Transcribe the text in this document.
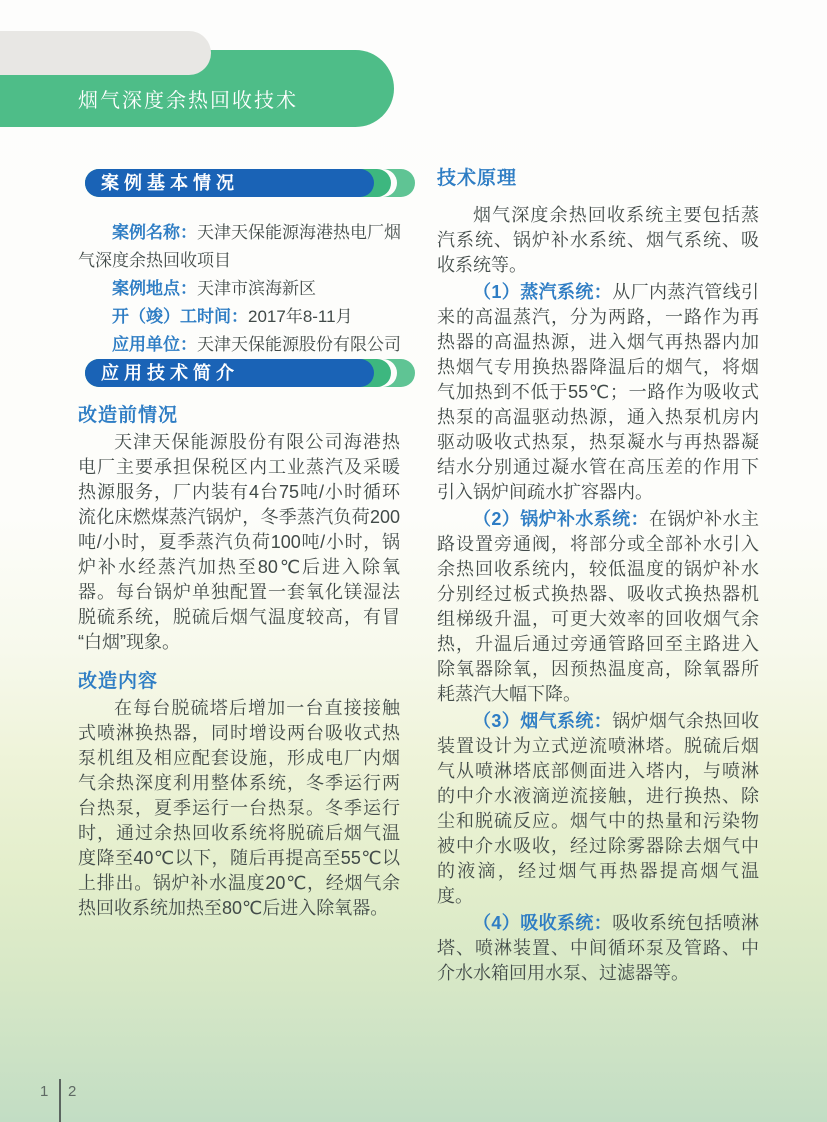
烟气深度余热回收技术
案例基本情况

案例名称：天津天保能源海港热电厂烟气深度余热回收项目

案例地点：天津市滨海新区

开（竣）工时间：2017年8-11月

应用单位：天津天保能源股份有限公司

应用技术简介
改造前情况

天津天保能源股份有限公司海港热电厂主要承担保税区内工业蒸汽及采暖热源服务，厂内装有4台75吨/小时循环流化床燃煤蒸汽锅炉，冬季蒸汽负荷200吨/小时，夏季蒸汽负荷100吨/小时，锅炉补水经蒸汽加热至80℃后进入除氧器。每台锅炉单独配置一套氧化镁湿法脱硫系统，脱硫后烟气温度较高，有冒“白烟”现象。

改造内容

在每台脱硫塔后增加一台直接接触式喷淋换热器，同时增设两台吸收式热泵机组及相应配套设施，形成电厂内烟气余热深度利用整体系统，冬季运行两台热泵，夏季运行一台热泵。冬季运行时，通过余热回收系统将脱硫后烟气温度降至40℃以下，随后再提高至55℃以上排出。锅炉补水温度20℃，经烟气余热回收系统加热至80℃后进入除氧器。

技术原理

烟气深度余热回收系统主要包括蒸汽系统、锅炉补水系统、烟气系统、吸收系统等。

（1）蒸汽系统：从厂内蒸汽管线引来的高温蒸汽，分为两路，一路作为再热器的高温热源，进入烟气再热器内加热烟气专用换热器降温后的烟气，将烟气加热到不低于55℃；一路作为吸收式热泵的高温驱动热源，通入热泵机房内驱动吸收式热泵，热泵凝水与再热器凝结水分别通过凝水管在高压差的作用下引入锅炉间疏水扩容器内。

（2）锅炉补水系统：在锅炉补水主路设置旁通阀，将部分或全部补水引入余热回收系统内，较低温度的锅炉补水分别经过板式换热器、吸收式换热器机组梯级升温，可更大效率的回收烟气余热，升温后通过旁通管路回至主路进入除氧器除氧，因预热温度高，除氧器所耗蒸汽大幅下降。

（3）烟气系统：锅炉烟气余热回收装置设计为立式逆流喷淋塔。脱硫后烟气从喷淋塔底部侧面进入塔内，与喷淋的中介水液滴逆流接触，进行换热、除尘和脱硫反应。烟气中的热量和污染物被中介水吸收，经过除雾器除去烟气中的液滴，经过烟气再热器提高烟气温度。

（4）吸收系统：吸收系统包括喷淋塔、喷淋装置、中间循环泵及管路、中介水水箱回用水泵、过滤器等。

1 2
